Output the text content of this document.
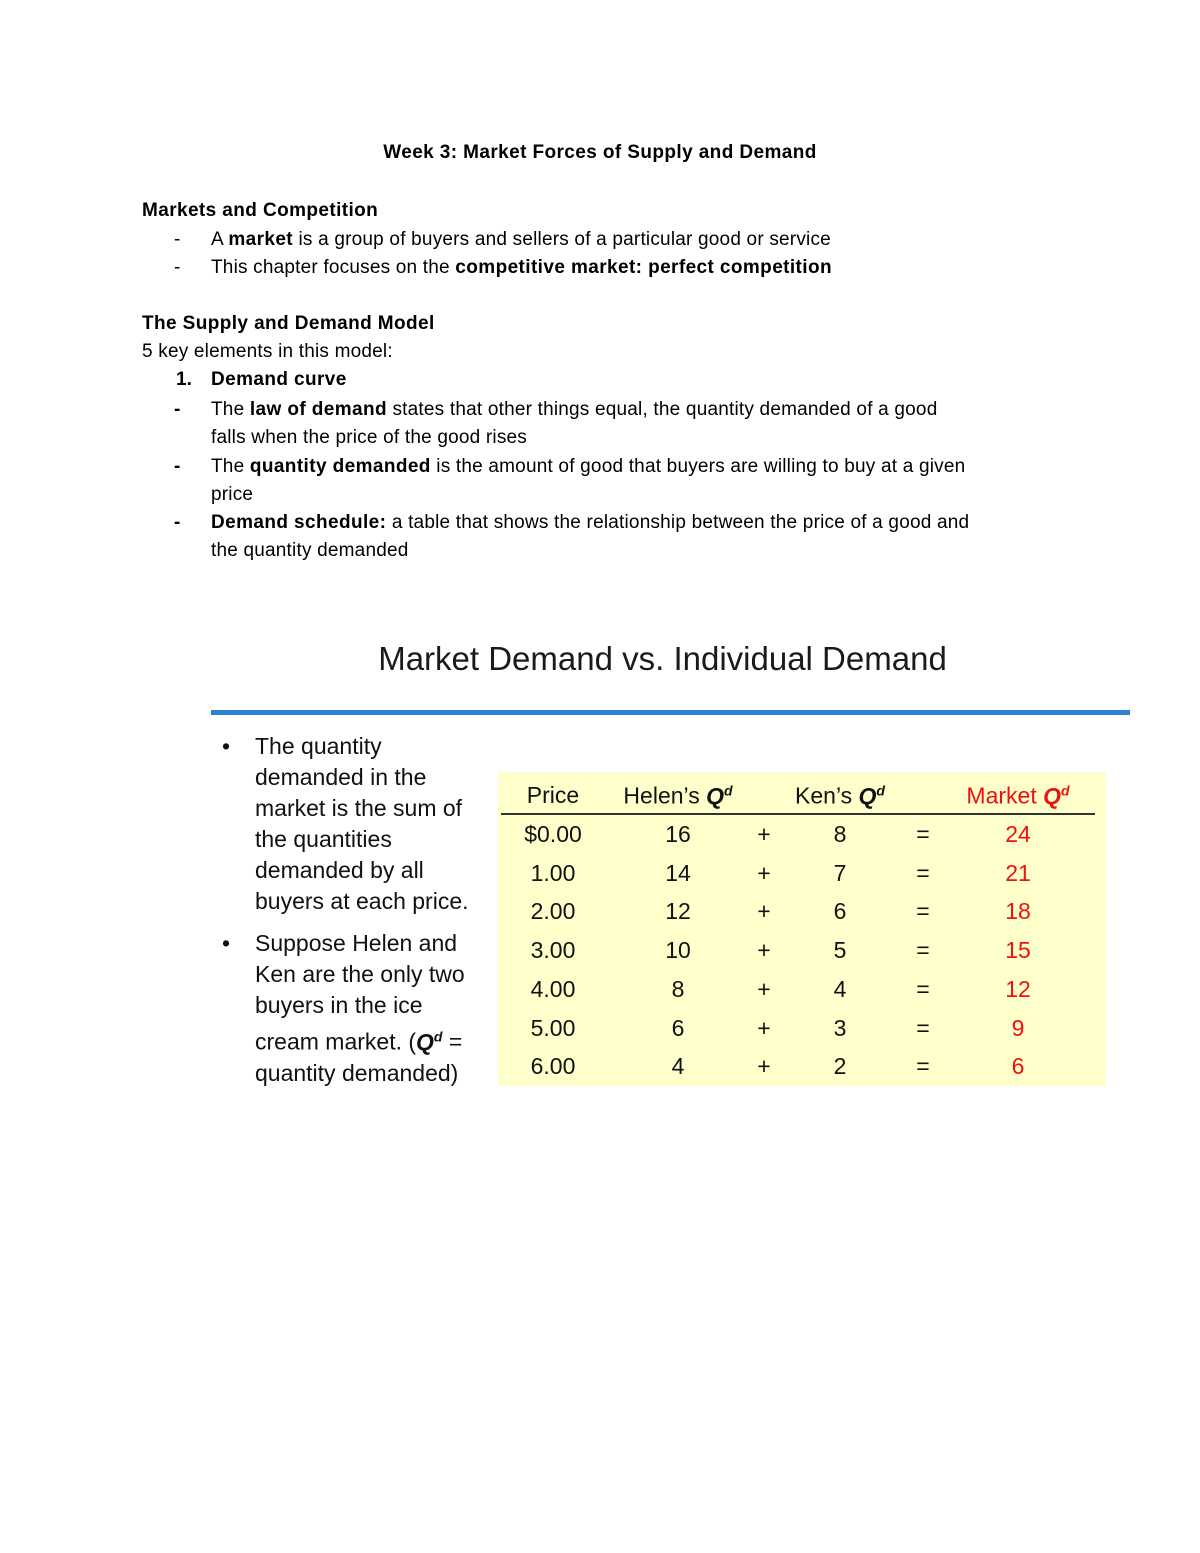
Week 3: Market Forces of Supply and Demand
Markets and Competition
- A market is a group of buyers and sellers of a particular good or service
- This chapter focuses on the competitive market: perfect competition
The Supply and Demand Model
5 key elements in this model:
1. Demand curve
- The law of demand states that other things equal, the quantity demanded of a good
falls when the price of the good rises
- The quantity demanded is the amount of good that buyers are willing to buy at a given
price
- Demand schedule: a table that shows the relationship between the price of a good and
the quantity demanded
Market Demand vs. Individual Demand
• The quantity demanded in the market is the sum of the quantities demanded by all buyers at each price.
• Suppose Helen and Ken are the only two buyers in the ice cream market. ($Q^d$ = quantity demanded)
Price Helen’s $Q^d$	Ken’s $Q^d$	Market $Q^d$
$0.00	16	+	8	=	24
1.00	14	+	7	=	21
2.00	12	+	6	=	18
3.00	10	+	5	=	15
4.00	8	+	4	=	12
5.00	6	+	3	=	9
6.00	4	+	2	=	6
